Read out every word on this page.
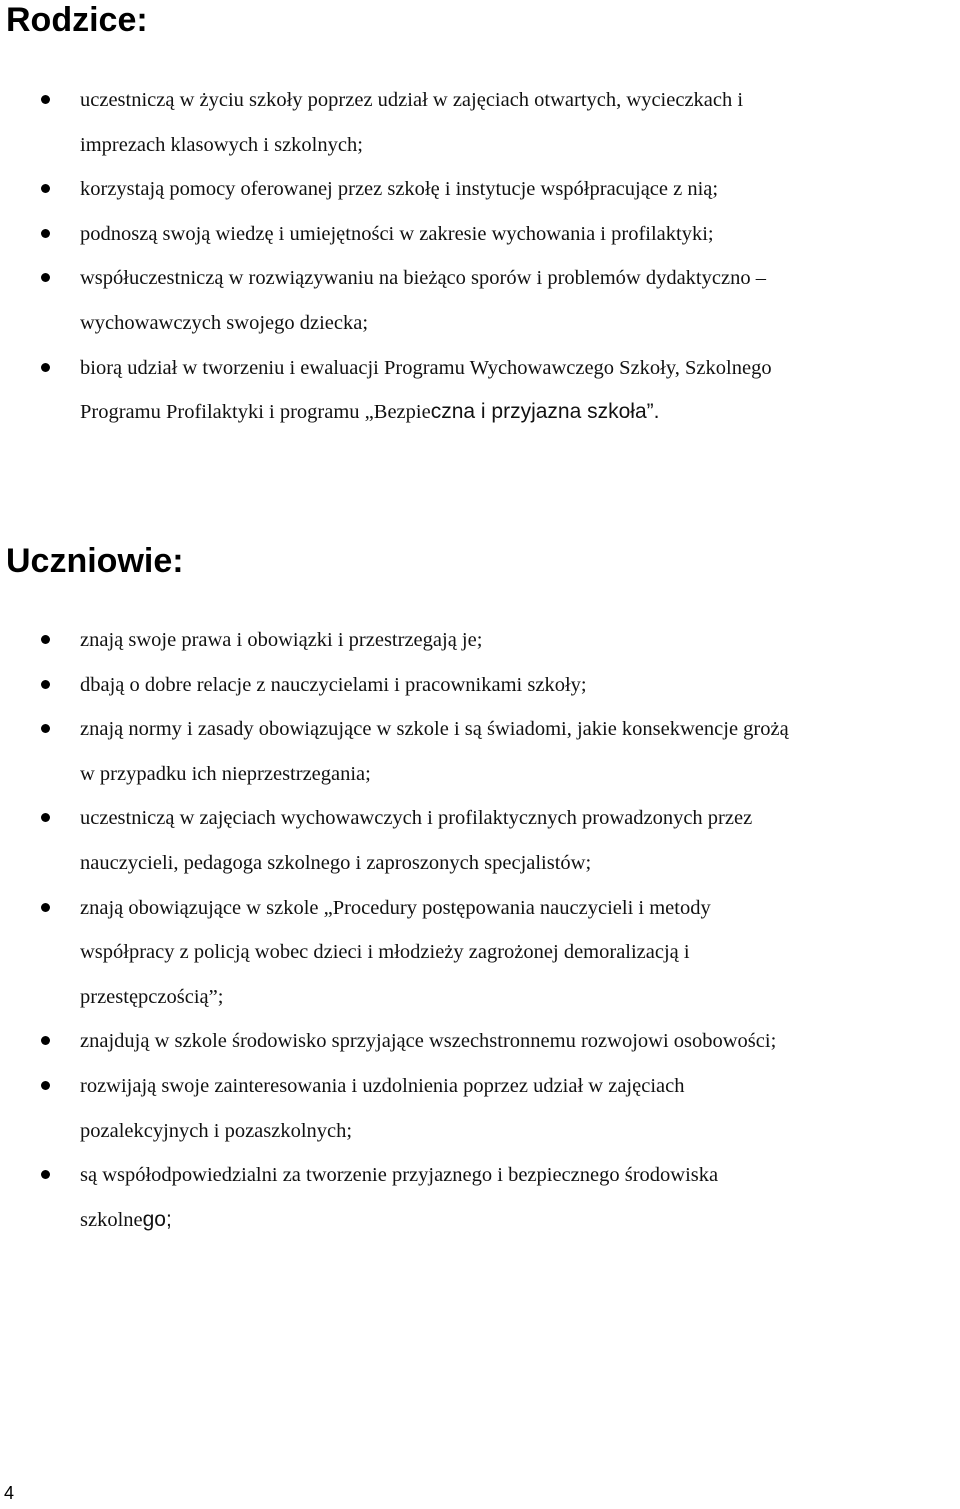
Rodzice:
uczestniczą w życiu szkoły poprzez udział w zajęciach otwartych, wycieczkach i
imprezach klasowych i szkolnych;
korzystają pomocy oferowanej przez szkołę i instytucje współpracujące z nią;
podnoszą swoją wiedzę i umiejętności w zakresie wychowania i profilaktyki;
współuczestniczą w rozwiązywaniu na bieżąco sporów i problemów dydaktyczno –
wychowawczych swojego dziecka;
biorą udział w tworzeniu i ewaluacji Programu Wychowawczego Szkoły, Szkolnego
Programu Profilaktyki i programu „Bezpieczna i przyjazna szkoła”.
Uczniowie:
znają swoje prawa i obowiązki i przestrzegają je;
dbają o dobre relacje z nauczycielami i pracownikami szkoły;
znają normy i zasady obowiązujące w szkole i są świadomi, jakie konsekwencje grożą
w przypadku ich nieprzestrzegania;
uczestniczą w zajęciach wychowawczych i profilaktycznych prowadzonych przez
nauczycieli, pedagoga szkolnego i zaproszonych specjalistów;
znają obowiązujące w szkole „Procedury postępowania nauczycieli i metody
współpracy z policją wobec dzieci i młodzieży zagrożonej demoralizacją i
przestępczością”;
znajdują w szkole środowisko sprzyjające wszechstronnemu rozwojowi osobowości;
rozwijają swoje zainteresowania i uzdolnienia poprzez udział w zajęciach
pozalekcyjnych i pozaszkolnych;
są współodpowiedzialni za tworzenie przyjaznego i bezpiecznego środowiska
szkolnego;
4
